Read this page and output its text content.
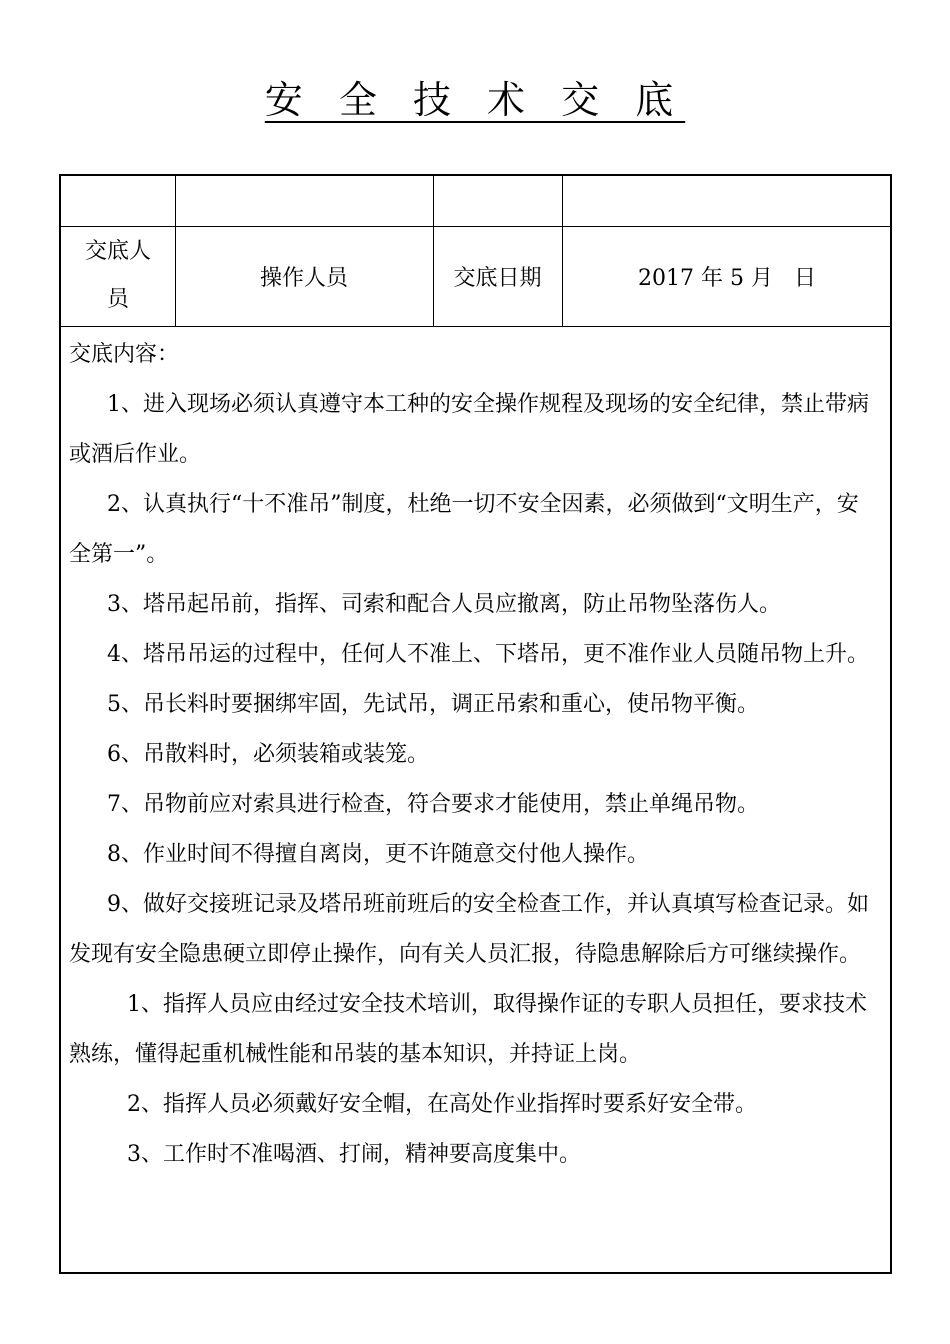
安 全 技 术 交 底
交底人
员
操作人员	交底日期	2017 年 5 月   日

交底内容：

1、进入现场必须认真遵守本工种的安全操作规程及现场的安全纪律，禁止带病或酒后作业。

2、认真执行“十不准吊”制度，杜绝一切不安全因素，必须做到“文明生产，安全第一”。

3、塔吊起吊前，指挥、司索和配合人员应撤离，防止吊物坠落伤人。

4、塔吊吊运的过程中，任何人不准上、下塔吊，更不准作业人员随吊物上升。

5、吊长料时要捆绑牢固，先试吊，调正吊索和重心，使吊物平衡。

6、吊散料时，必须装箱或装笼。

7、吊物前应对索具进行检查，符合要求才能使用，禁止单绳吊物。

8、作业时间不得擅自离岗，更不许随意交付他人操作。

9、做好交接班记录及塔吊班前班后的安全检查工作，并认真填写检查记录。如发现有安全隐患硬立即停止操作，向有关人员汇报，待隐患解除后方可继续操作。

1、指挥人员应由经过安全技术培训，取得操作证的专职人员担任，要求技术熟练，懂得起重机械性能和吊装的基本知识，并持证上岗。

2、指挥人员必须戴好安全帽，在高处作业指挥时要系好安全带。

3、工作时不准喝酒、打闹，精神要高度集中。
